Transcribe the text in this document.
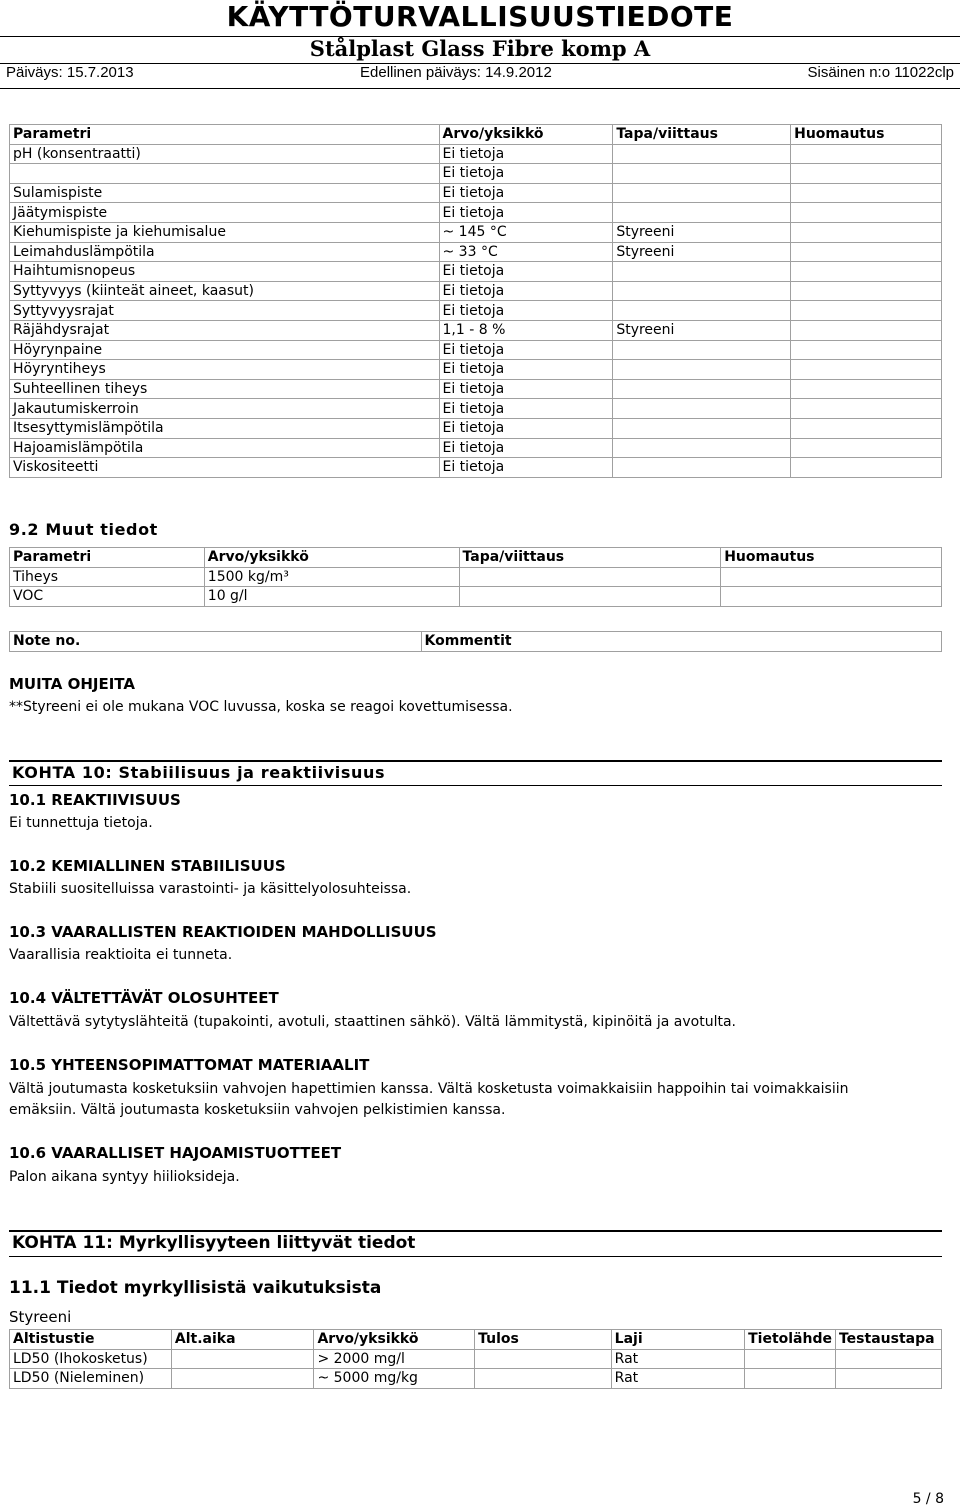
KÄYTTÖTURVALLISUUSTIEDOTE
Stålplast Glass Fibre komp A
Päiväys: 15.7.2013	Edellinen päiväys: 14.9.2012	Sisäinen n:o 11022clp
Parametri	Arvo/yksikkö	Tapa/viittaus	Huomautus
pH (konsentraatti)	Ei tietoja		
	Ei tietoja		
Sulamispiste	Ei tietoja		
Jäätymispiste	Ei tietoja		
Kiehumispiste ja kiehumisalue	~ 145 °C	Styreeni	
Leimahduslämpötila	~ 33 °C	Styreeni	
Haihtumisnopeus	Ei tietoja		
Syttyvyys (kiinteät aineet, kaasut)	Ei tietoja		
Syttyvyysrajat	Ei tietoja		
Räjähdysrajat	1,1 - 8 %	Styreeni	
Höyrynpaine	Ei tietoja		
Höyryntiheys	Ei tietoja		
Suhteellinen tiheys	Ei tietoja		
Jakautumiskerroin	Ei tietoja		
Itsesyttymislämpötila	Ei tietoja		
Hajoamislämpötila	Ei tietoja		
Viskositeetti	Ei tietoja		
9.2 Muut tiedot
Parametri	Arvo/yksikkö	Tapa/viittaus	Huomautus
Tiheys	1500 kg/m³		
VOC	10 g/l		
Note no.	Kommentit
MUITA OHJEITA
**Styreeni ei ole mukana VOC luvussa, koska se reagoi kovettumisessa.
KOHTA 10: Stabiilisuus ja reaktiivisuus
10.1 REAKTIIVISUUS
Ei tunnettuja tietoja.
10.2 KEMIALLINEN STABIILISUUS
Stabiili suositelluissa varastointi- ja käsittelyolosuhteissa.
10.3 VAARALLISTEN REAKTIOIDEN MAHDOLLISUUS
Vaarallisia reaktioita ei tunneta.
10.4 VÄLTETTÄVÄT OLOSUHTEET
Vältettävä sytytyslähteitä (tupakointi, avotuli, staattinen sähkö). Vältä lämmitystä, kipinöitä ja avotulta.
10.5 YHTEENSOPIMATTOMAT MATERIAALIT
Vältä joutumasta kosketuksiin vahvojen hapettimien kanssa. Vältä kosketusta voimakkaisiin happoihin tai voimakkaisiin emäksiin. Vältä joutumasta kosketuksiin vahvojen pelkistimien kanssa.
10.6 VAARALLISET HAJOAMISTUOTTEET
Palon aikana syntyy hiilioksideja.
KOHTA 11: Myrkyllisyyteen liittyvät tiedot
11.1 Tiedot myrkyllisistä vaikutuksista
Styreeni
Altistustie	Alt.aika	Arvo/yksikkö	Tulos	Laji	Tietolähde	Testaustapa
LD50 (Ihokosketus)		> 2000 mg/l		Rat		
LD50 (Nieleminen)		~ 5000 mg/kg		Rat		
5 / 8
